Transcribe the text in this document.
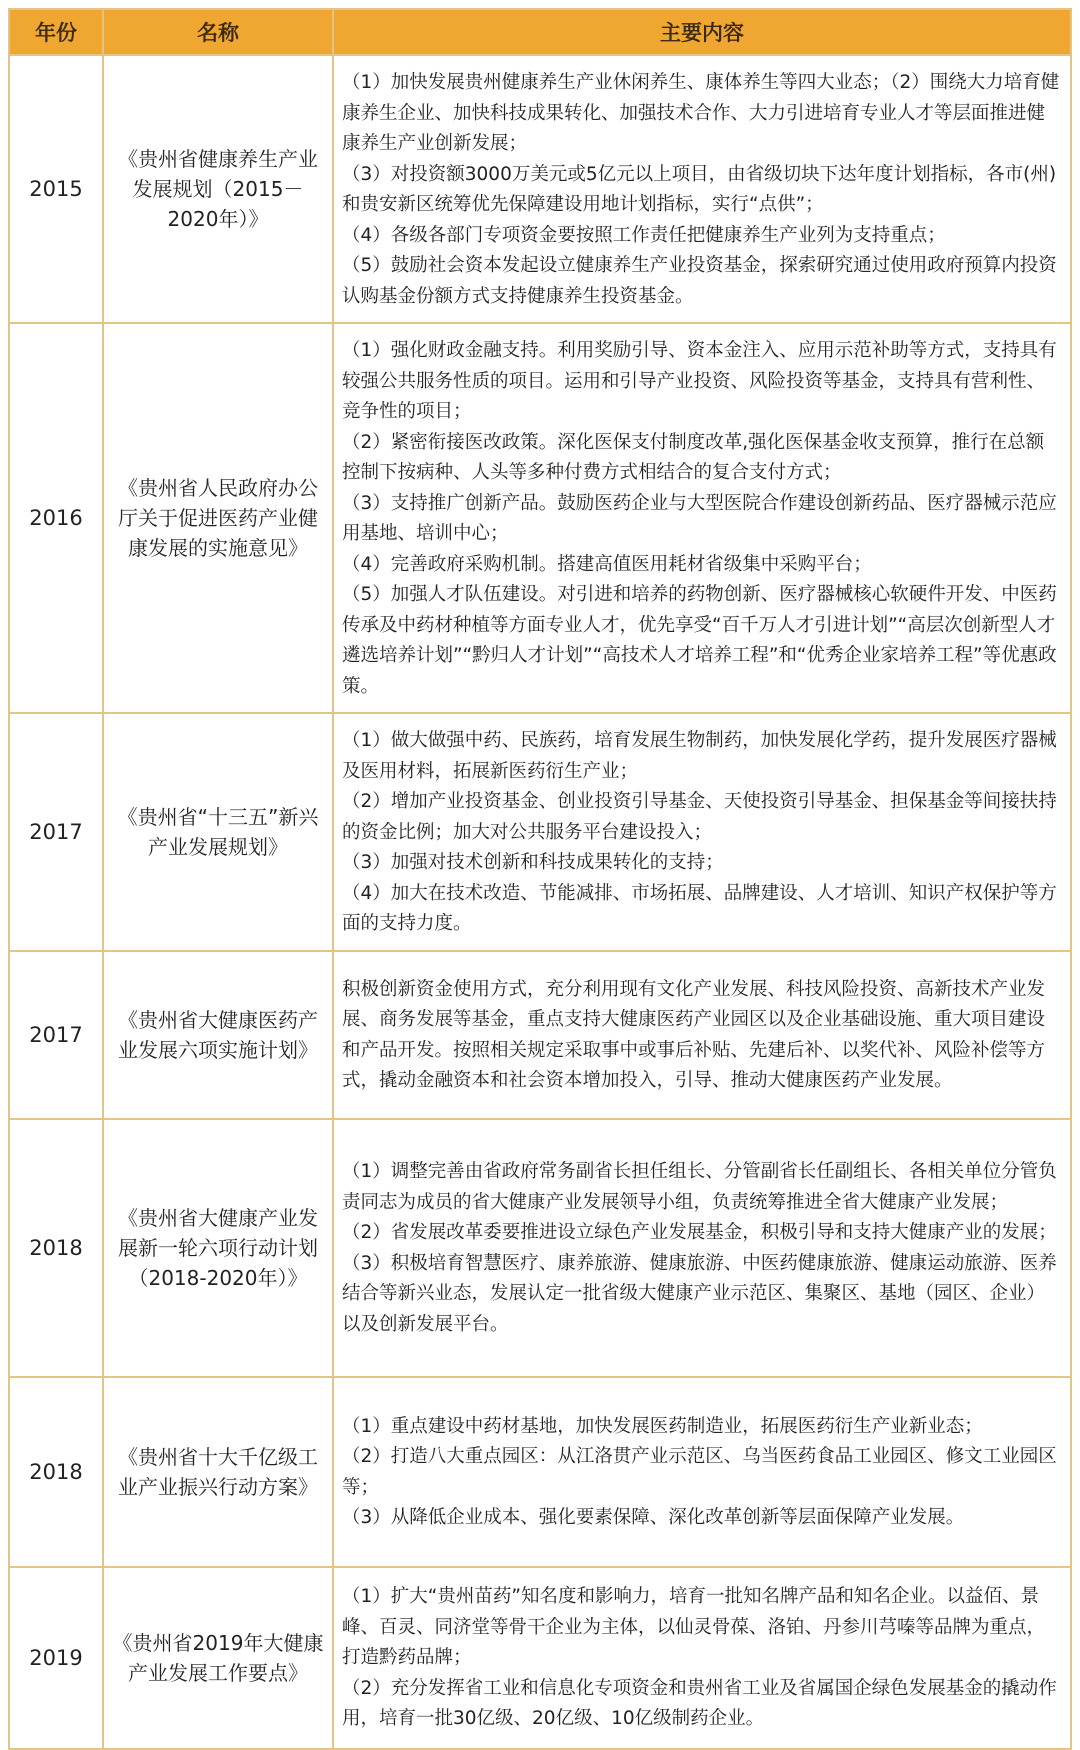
年份	名称	主要内容
2015	《贵州省健康养生产业发展规划（2015－2020年）》	（1）加快发展贵州健康养生产业休闲养生、康体养生等四大业态；（2）围绕大力培育健康养生企业、加快科技成果转化、加强技术合作、大力引进培育专业人才等层面推进健康养生产业创新发展；
（3）对投资额3000万美元或5亿元以上项目，由省级切块下达年度计划指标，各市(州)和贵安新区统筹优先保障建设用地计划指标，实行“点供”；
（4）各级各部门专项资金要按照工作责任把健康养生产业列为支持重点；
（5）鼓励社会资本发起设立健康养生产业投资基金，探索研究通过使用政府预算内投资认购基金份额方式支持健康养生投资基金。

2016	《贵州省人民政府办公厅关于促进医药产业健康发展的实施意见》	（1）强化财政金融支持。利用奖励引导、资本金注入、应用示范补助等方式，支持具有较强公共服务性质的项目。运用和引导产业投资、风险投资等基金，支持具有营利性、竞争性的项目；
（2）紧密衔接医改政策。深化医保支付制度改革,强化医保基金收支预算，推行在总额控制下按病种、人头等多种付费方式相结合的复合支付方式；
（3）支持推广创新产品。鼓励医药企业与大型医院合作建设创新药品、医疗器械示范应用基地、培训中心；
（4）完善政府采购机制。搭建高值医用耗材省级集中采购平台；
（5）加强人才队伍建设。对引进和培养的药物创新、医疗器械核心软硬件开发、中医药传承及中药材种植等方面专业人才，优先享受“百千万人才引进计划”“高层次创新型人才遴选培养计划”“黔归人才计划”“高技术人才培养工程”和“优秀企业家培养工程”等优惠政策。

2017	《贵州省“十三五”新兴产业发展规划》	（1）做大做强中药、民族药，培育发展生物制药，加快发展化学药，提升发展医疗器械及医用材料，拓展新医药衍生产业；
（2）增加产业投资基金、创业投资引导基金、天使投资引导基金、担保基金等间接扶持的资金比例；加大对公共服务平台建设投入；
（3）加强对技术创新和科技成果转化的支持；
（4）加大在技术改造、节能减排、市场拓展、品牌建设、人才培训、知识产权保护等方面的支持力度。

2017	《贵州省大健康医药产业发展六项实施计划》	积极创新资金使用方式，充分利用现有文化产业发展、科技风险投资、高新技术产业发展、商务发展等基金，重点支持大健康医药产业园区以及企业基础设施、重大项目建设和产品开发。按照相关规定采取事中或事后补贴、先建后补、以奖代补、风险补偿等方式，撬动金融资本和社会资本增加投入，引导、推动大健康医药产业发展。

2018	《贵州省大健康产业发展新一轮六项行动计划（2018-2020年）》	（1）调整完善由省政府常务副省长担任组长、分管副省长任副组长、各相关单位分管负责同志为成员的省大健康产业发展领导小组，负责统筹推进全省大健康产业发展；
（2）省发展改革委要推进设立绿色产业发展基金，积极引导和支持大健康产业的发展；
（3）积极培育智慧医疗、康养旅游、健康旅游、中医药健康旅游、健康运动旅游、医养结合等新兴业态，发展认定一批省级大健康产业示范区、集聚区、基地（园区、企业）以及创新发展平台。

2018	《贵州省十大千亿级工业产业振兴行动方案》	（1）重点建设中药材基地，加快发展医药制造业，拓展医药衍生产业新业态；
（2）打造八大重点园区：从江洛贯产业示范区、乌当医药食品工业园区、修文工业园区等；
（3）从降低企业成本、强化要素保障、深化改革创新等层面保障产业发展。

2019	《贵州省2019年大健康产业发展工作要点》	（1）扩大“贵州苗药”知名度和影响力，培育一批知名牌产品和知名企业。以益佰、景峰、百灵、同济堂等骨干企业为主体，以仙灵骨葆、洛铂、丹参川芎嗪等品牌为重点，打造黔药品牌；
（2）充分发挥省工业和信息化专项资金和贵州省工业及省属国企绿色发展基金的撬动作用，培育一批30亿级、20亿级、10亿级制药企业。
